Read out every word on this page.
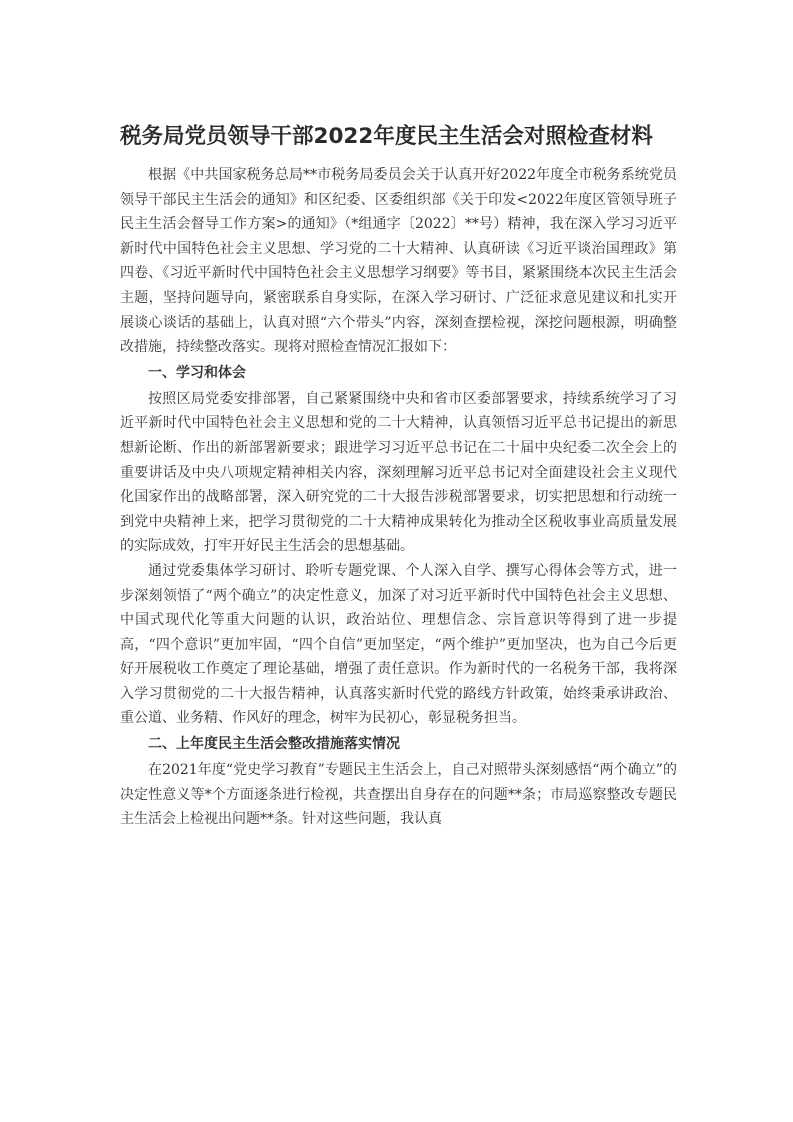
税务局党员领导干部2022年度民主生活会对照检查材料

根据《中共国家税务总局**市税务局委员会关于认真开好2022年度全市税务系统党员领导干部民主生活会的通知》和区纪委、区委组织部《关于印发<2022年度区管领导班子民主生活会督导工作方案>的通知》（*组通字〔2022〕**号）精神，我在深入学习习近平新时代中国特色社会主义思想、学习党的二十大精神、认真研读《习近平谈治国理政》第四卷、《习近平新时代中国特色社会主义思想学习纲要》等书目，紧紧围绕本次民主生活会主题，坚持问题导向，紧密联系自身实际，在深入学习研讨、广泛征求意见建议和扎实开展谈心谈话的基础上，认真对照“六个带头”内容，深刻查摆检视，深挖问题根源，明确整改措施，持续整改落实。现将对照检查情况汇报如下：

一、学习和体会

按照区局党委安排部署，自己紧紧围绕中央和省市区委部署要求，持续系统学习了习近平新时代中国特色社会主义思想和党的二十大精神，认真领悟习近平总书记提出的新思想新论断、作出的新部署新要求；跟进学习习近平总书记在二十届中央纪委二次全会上的重要讲话及中央八项规定精神相关内容，深刻理解习近平总书记对全面建设社会主义现代化国家作出的战略部署，深入研究党的二十大报告涉税部署要求，切实把思想和行动统一到党中央精神上来，把学习贯彻党的二十大精神成果转化为推动全区税收事业高质量发展的实际成效，打牢开好民主生活会的思想基础。

通过党委集体学习研讨、聆听专题党课、个人深入自学、撰写心得体会等方式，进一步深刻领悟了“两个确立”的决定性意义，加深了对习近平新时代中国特色社会主义思想、中国式现代化等重大问题的认识，政治站位、理想信念、宗旨意识等得到了进一步提高，“四个意识”更加牢固，“四个自信”更加坚定，“两个维护”更加坚决，也为自己今后更好开展税收工作奠定了理论基础，增强了责任意识。作为新时代的一名税务干部，我将深入学习贯彻党的二十大报告精神，认真落实新时代党的路线方针政策，始终秉承讲政治、重公道、业务精、作风好的理念，树牢为民初心，彰显税务担当。

二、上年度民主生活会整改措施落实情况

在2021年度“党史学习教育”专题民主生活会上，自己对照带头深刻感悟“两个确立”的决定性意义等*个方面逐条进行检视，共查摆出自身存在的问题**条；市局巡察整改专题民主生活会上检视出问题**条。针对这些问题，我认真
